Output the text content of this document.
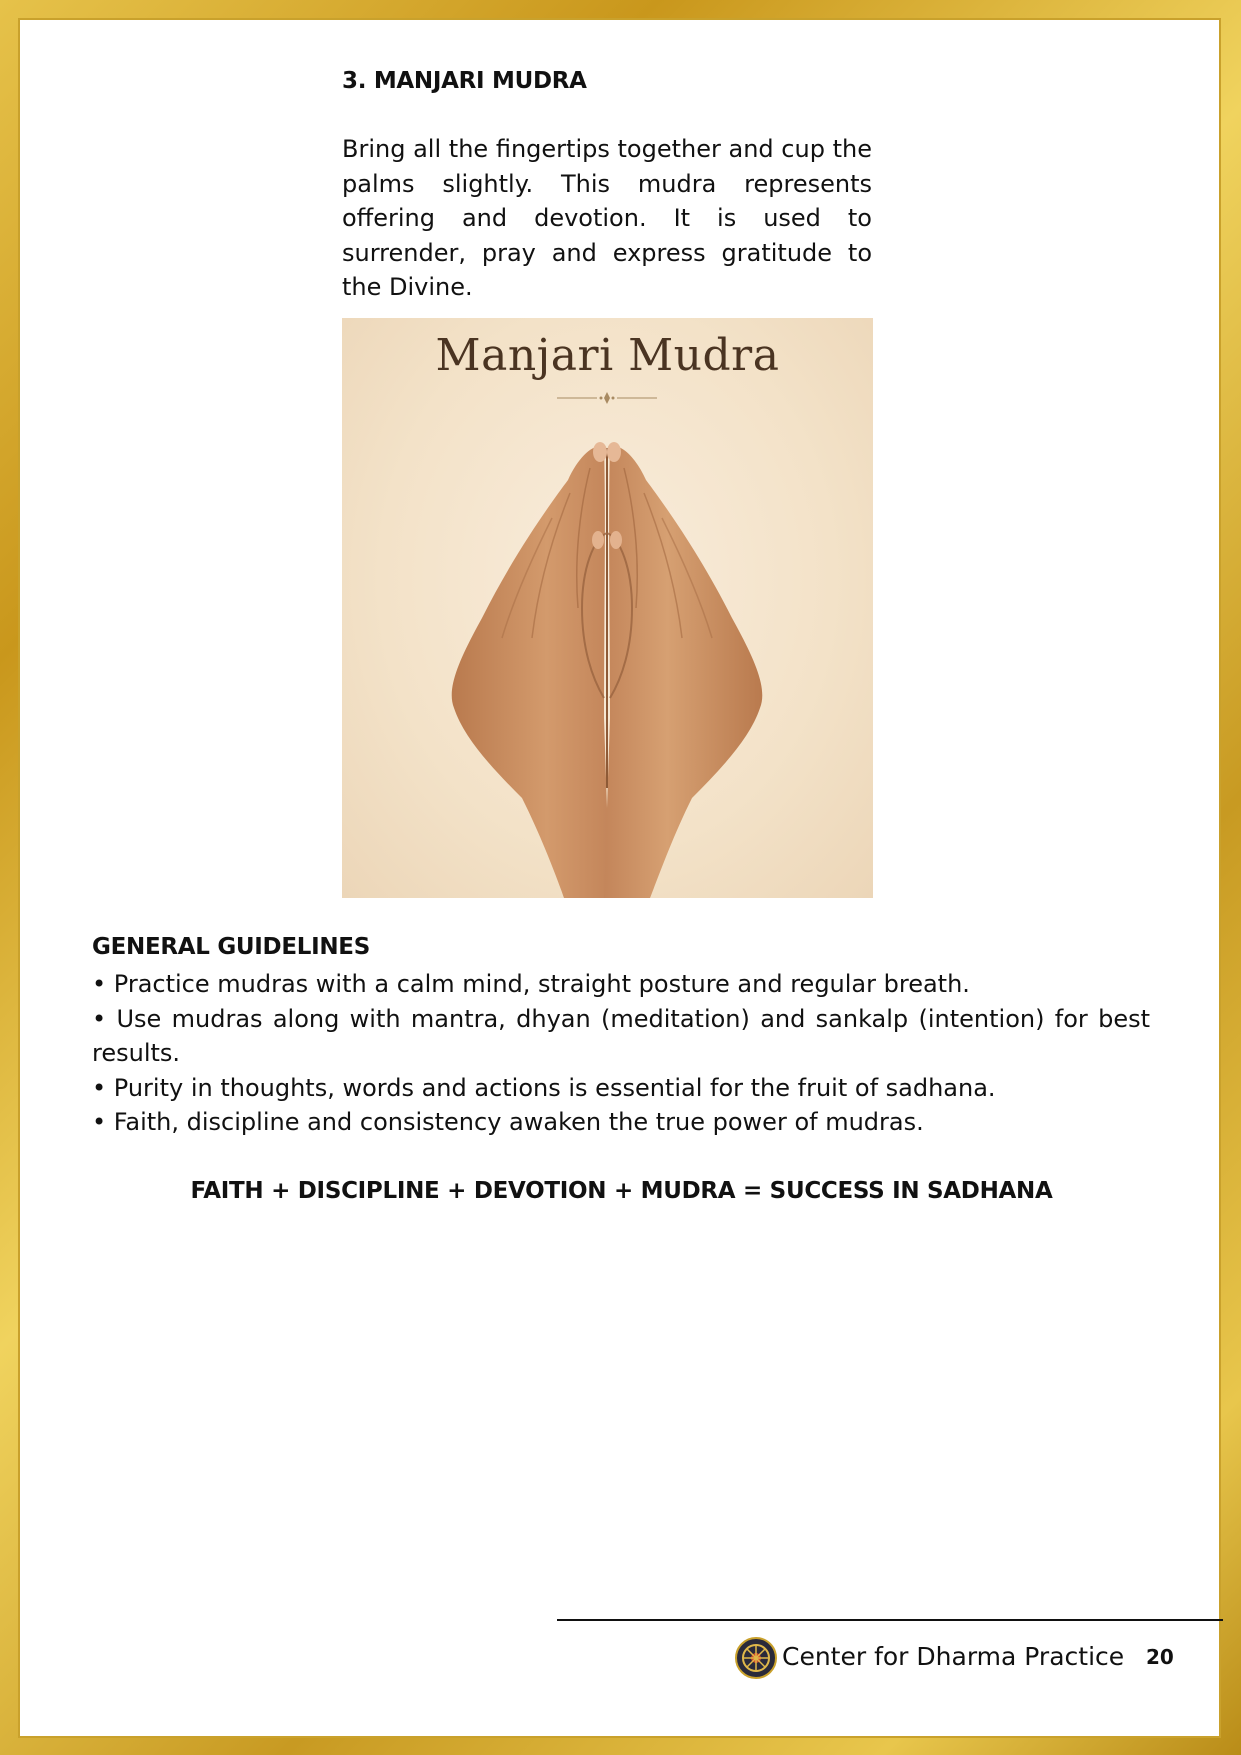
3. MANJARI MUDRA

Bring all the fingertips together and cup the palms slightly. This mudra represents offering and devotion. It is used to surrender, pray and express gratitude to the Divine.

Manjari Mudra
GENERAL GUIDELINES
• Practice mudras with a calm mind, straight posture and regular breath.
• Use mudras along with mantra, dhyan (meditation) and sankalp (intention) for best results.
• Purity in thoughts, words and actions is essential for the fruit of sadhana.
• Faith, discipline and consistency awaken the true power of mudras.
FAITH + DISCIPLINE + DEVOTION + MUDRA = SUCCESS IN SADHANA
Center for Dharma Practice 20
